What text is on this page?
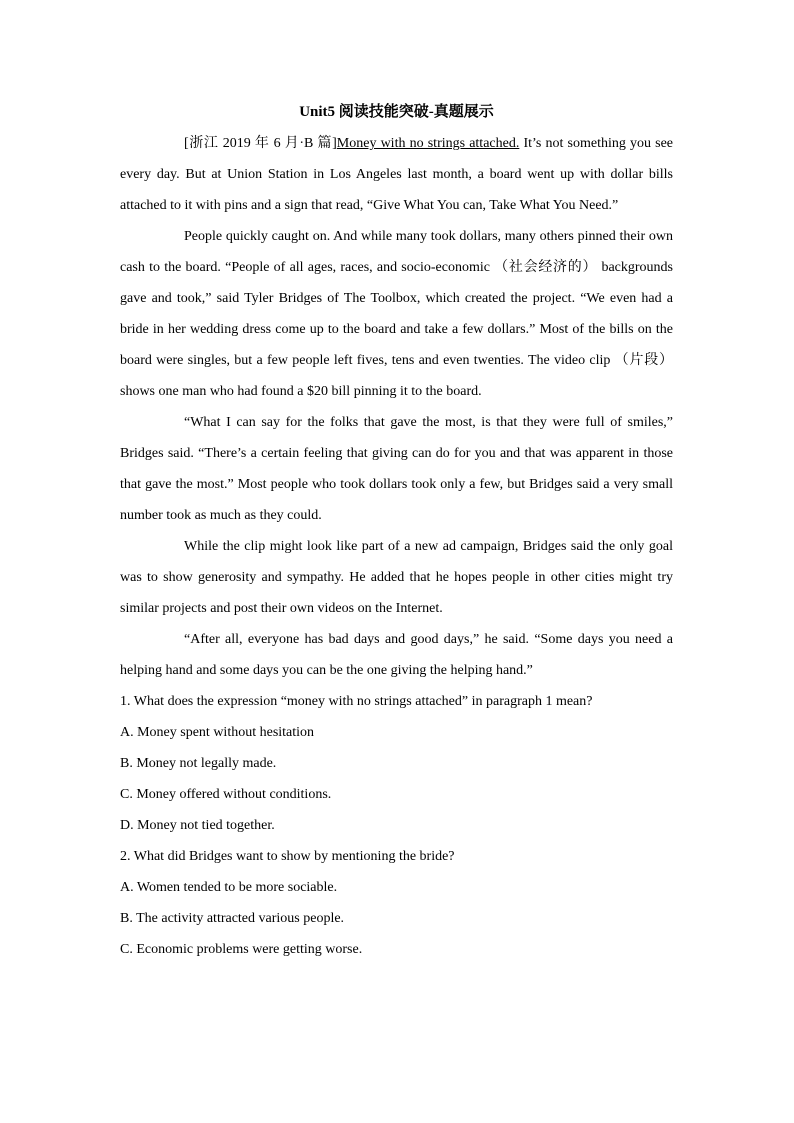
Unit5 阅读技能突破-真题展示

[浙江 2019 年 6 月·B 篇]Money with no strings attached. It’s not something you see every day. But at Union Station in Los Angeles last month, a board went up with dollar bills attached to it with pins and a sign that read, “Give What You can, Take What You Need.”

People quickly caught on. And while many took dollars, many others pinned their own cash to the board. “People of all ages, races, and socio-economic （社会经济的） backgrounds gave and took,” said Tyler Bridges of The Toolbox, which created the project. “We even had a bride in her wedding dress come up to the board and take a few dollars.” Most of the bills on the board were singles, but a few people left fives, tens and even twenties. The video clip （片段） shows one man who had found a $20 bill pinning it to the board.

“What I can say for the folks that gave the most, is that they were full of smiles,” Bridges said. “There’s a certain feeling that giving can do for you and that was apparent in those that gave the most.” Most people who took dollars took only a few, but Bridges said a very small number took as much as they could.

While the clip might look like part of a new ad campaign, Bridges said the only goal was to show generosity and sympathy. He added that he hopes people in other cities might try similar projects and post their own videos on the Internet.

“After all, everyone has bad days and good days,” he said. “Some days you need a helping hand and some days you can be the one giving the helping hand.”

1. What does the expression “money with no strings attached” in paragraph 1 mean?

A. Money spent without hesitation

B. Money not legally made.

C. Money offered without conditions.

D. Money not tied together.

2. What did Bridges want to show by mentioning the bride?

A. Women tended to be more sociable.

B. The activity attracted various people.

C. Economic problems were getting worse.
